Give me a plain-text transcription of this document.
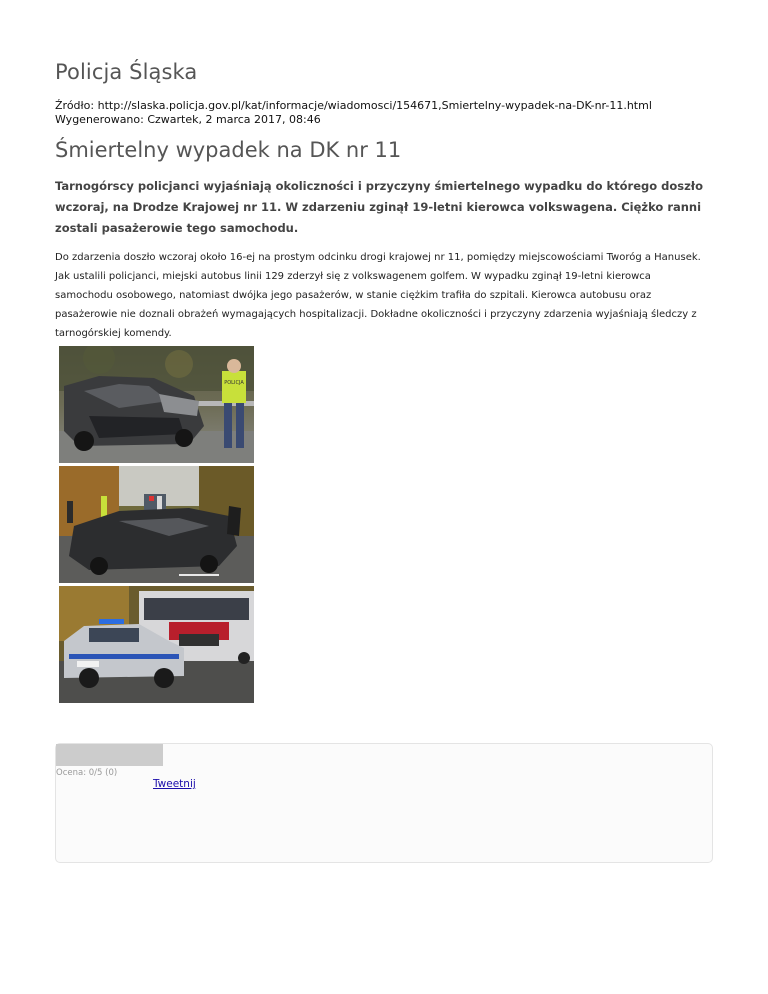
Policja Śląska
Źródło: http://slaska.policja.gov.pl/kat/informacje/wiadomosci/154671,Smiertelny-wypadek-na-DK-nr-11.html
Wygenerowano: Czwartek, 2 marca 2017, 08:46
Śmiertelny wypadek na DK nr 11

Tarnogórscy policjanci wyjaśniają okoliczności i przyczyny śmiertelnego wypadku do którego doszło wczoraj, na Drodze Krajowej nr 11. W zdarzeniu zginął 19-letni kierowca volkswagena. Ciężko ranni zostali pasażerowie tego samochodu.

Do zdarzenia doszło wczoraj około 16-ej na prostym odcinku drogi krajowej nr 11, pomiędzy miejscowościami Tworóg a Hanusek. Jak ustalili policjanci, miejski autobus linii 129 zderzył się z volkswagenem golfem. W wypadku zginął 19-letni kierowca samochodu osobowego, natomiast dwójka jego pasażerów, w stanie ciężkim trafiła do szpitali. Kierowca autobusu oraz pasażerowie nie doznali obrażeń wymagających hospitalizacji. Dokładne okoliczności i przyczyny zdarzenia wyjaśniają śledczy z tarnogórskiej komendy.

POLICJA
Ocena: 0/5 (0)
Tweetnij
